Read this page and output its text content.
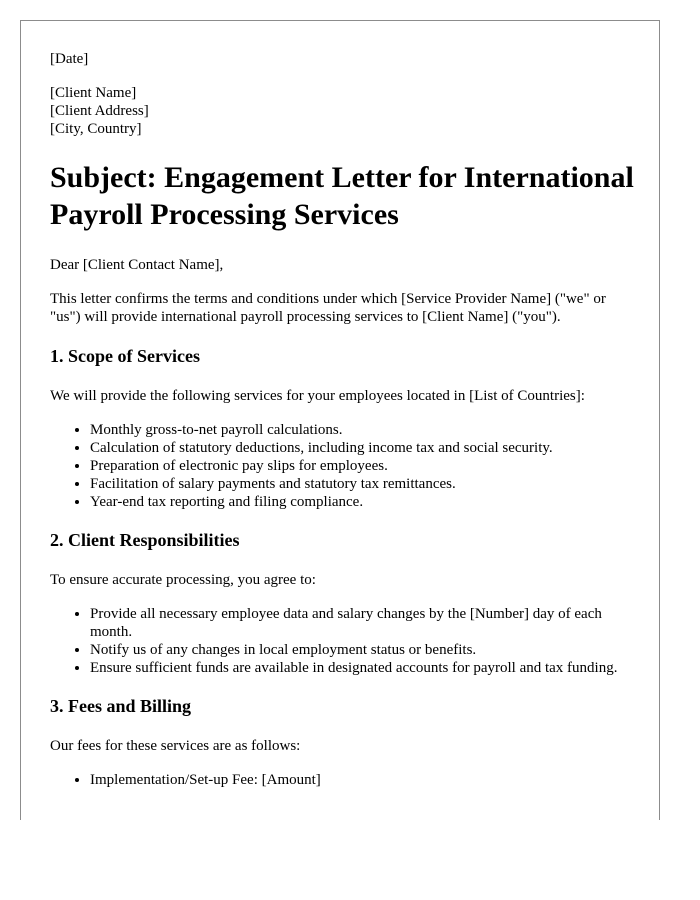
[Date]

[Client Name]

[Client Address]

[City, Country]

Subject: Engagement Letter for International Payroll Processing Services

Dear [Client Contact Name],

This letter confirms the terms and conditions under which [Service Provider Name] ("we" or "us") will provide international payroll processing services to [Client Name] ("you").

1. Scope of Services

We will provide the following services for your employees located in [List of Countries]:

• Monthly gross-to-net payroll calculations.
• Calculation of statutory deductions, including income tax and social security.
• Preparation of electronic pay slips for employees.
• Facilitation of salary payments and statutory tax remittances.
• Year-end tax reporting and filing compliance.
2. Client Responsibilities

To ensure accurate processing, you agree to:

• Provide all necessary employee data and salary changes by the [Number] day of each month.
• Notify us of any changes in local employment status or benefits.
• Ensure sufficient funds are available in designated accounts for payroll and tax funding.
3. Fees and Billing

Our fees for these services are as follows:

• Implementation/Set-up Fee: [Amount]
